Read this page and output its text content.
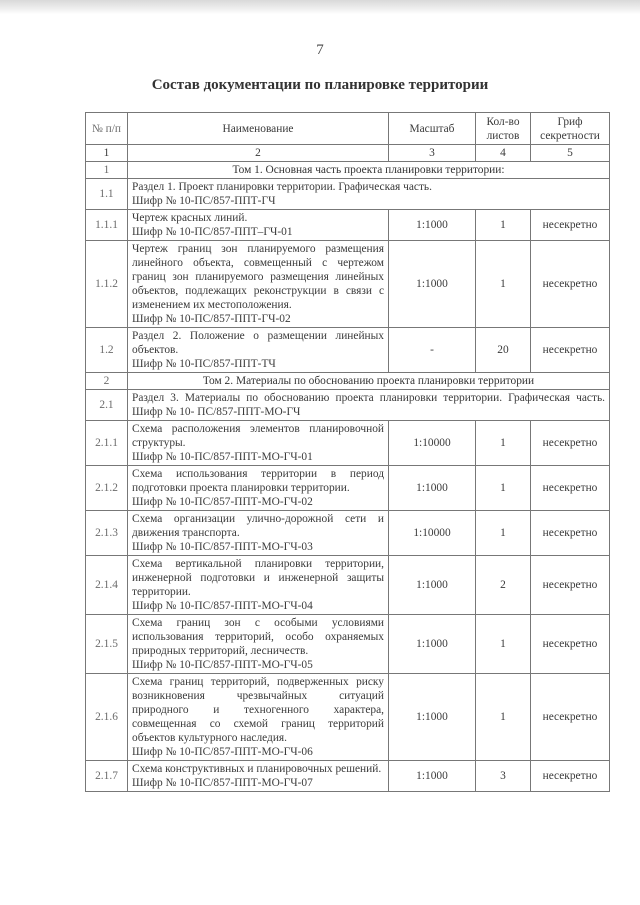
7
Состав документации по планировке территории
№ п/п	Наименование	Масштаб	Кол-во листов	Гриф секретности
1	2	3	4	5
1	Том 1. Основная часть проекта планировки территории:			
1.1	Раздел 1. Проект планировки территории. Графическая часть.
Шифр № 10-ПС/857-ППТ-ГЧ			

1.1.1	Чертеж красных линий.
Шифр № 10-ПС/857-ППТ–ГЧ-01	1:1000	1	несекретно
1.1.2	Чертеж границ зон планируемого размещения линейного объекта, совмещенный с чертежом границ зон планируемого размещения линейных объектов, подлежащих реконструкции в связи с изменением их местоположения.
Шифр № 10-ПС/857-ППТ-ГЧ-02	1:1000	1	несекретно
1.2	Раздел 2. Положение о размещении линейных объектов.
Шифр № 10-ПС/857-ППТ-ТЧ	-	20	несекретно
2	Том 2. Материалы по обоснованию проекта планировки территории			
2.1	Раздел 3. Материалы по обоснованию проекта планировки территории. Графическая часть. Шифр № 10- ПС/857-ППТ-МО-ГЧ			
2.1.1	Схема расположения элементов планировочной структуры.
Шифр № 10-ПС/857-ППТ-МО-ГЧ-01	1:10000	1	несекретно
2.1.2	Схема использования территории в период подготовки проекта планировки территории.
Шифр № 10-ПС/857-ППТ-МО-ГЧ-02	1:1000	1	несекретно
2.1.3	Схема организации улично-дорожной сети и движения транспорта.
Шифр № 10-ПС/857-ППТ-МО-ГЧ-03	1:10000	1	несекретно
2.1.4	Схема вертикальной планировки территории, инженерной подготовки и инженерной защиты территории.
Шифр № 10-ПС/857-ППТ-МО-ГЧ-04	1:1000	2	несекретно
2.1.5	Схема границ зон с особыми условиями использования территорий, особо охраняемых природных территорий, лесничеств.
Шифр № 10-ПС/857-ППТ-МО-ГЧ-05	1:1000	1	несекретно
2.1.6	Схема границ территорий, подверженных риску возникновения чрезвычайных ситуаций природного и техногенного характера, совмещенная со схемой границ территорий объектов культурного наследия.
Шифр № 10-ПС/857-ППТ-МО-ГЧ-06	1:1000	1	несекретно
2.1.7	Схема конструктивных и планировочных решений.
Шифр № 10-ПС/857-ППТ-МО-ГЧ-07	1:1000	3	несекретно
